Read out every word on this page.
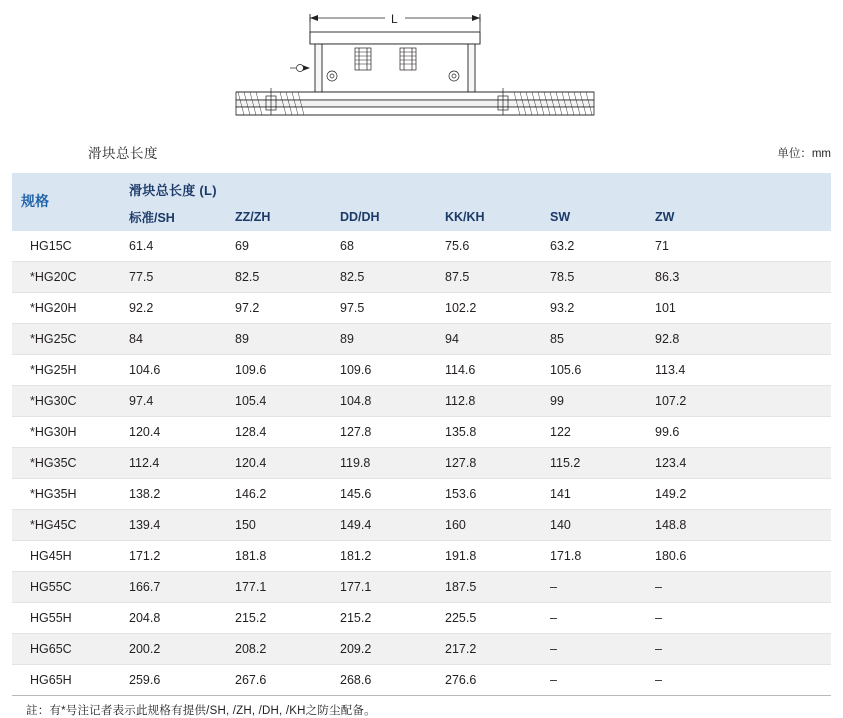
L
滑块总长度	单位：mm
规格	滑块总长度 (L)					
	标准/SH	ZZ/ZH	DD/DH	KK/KH	SW	ZW
HG15C	61.4	69	68	75.6	63.2	71
*HG20C	77.5	82.5	82.5	87.5	78.5	86.3
*HG20H	92.2	97.2	97.5	102.2	93.2	101
*HG25C	84	89	89	94	85	92.8
*HG25H	104.6	109.6	109.6	114.6	105.6	113.4
*HG30C	97.4	105.4	104.8	112.8	99	107.2
*HG30H	120.4	128.4	127.8	135.8	122	99.6
*HG35C	112.4	120.4	119.8	127.8	115.2	123.4
*HG35H	138.2	146.2	145.6	153.6	141	149.2
*HG45C	139.4	150	149.4	160	140	148.8
HG45H	171.2	181.8	181.2	191.8	171.8	180.6
HG55C	166.7	177.1	177.1	187.5	–	–
HG55H	204.8	215.2	215.2	225.5	–	–
HG65C	200.2	208.2	209.2	217.2	–	–
HG65H	259.6	267.6	268.6	276.6	–	–
註：有*号注记者表示此规格有提供/SH, /ZH, /DH, /KH之防尘配备。
